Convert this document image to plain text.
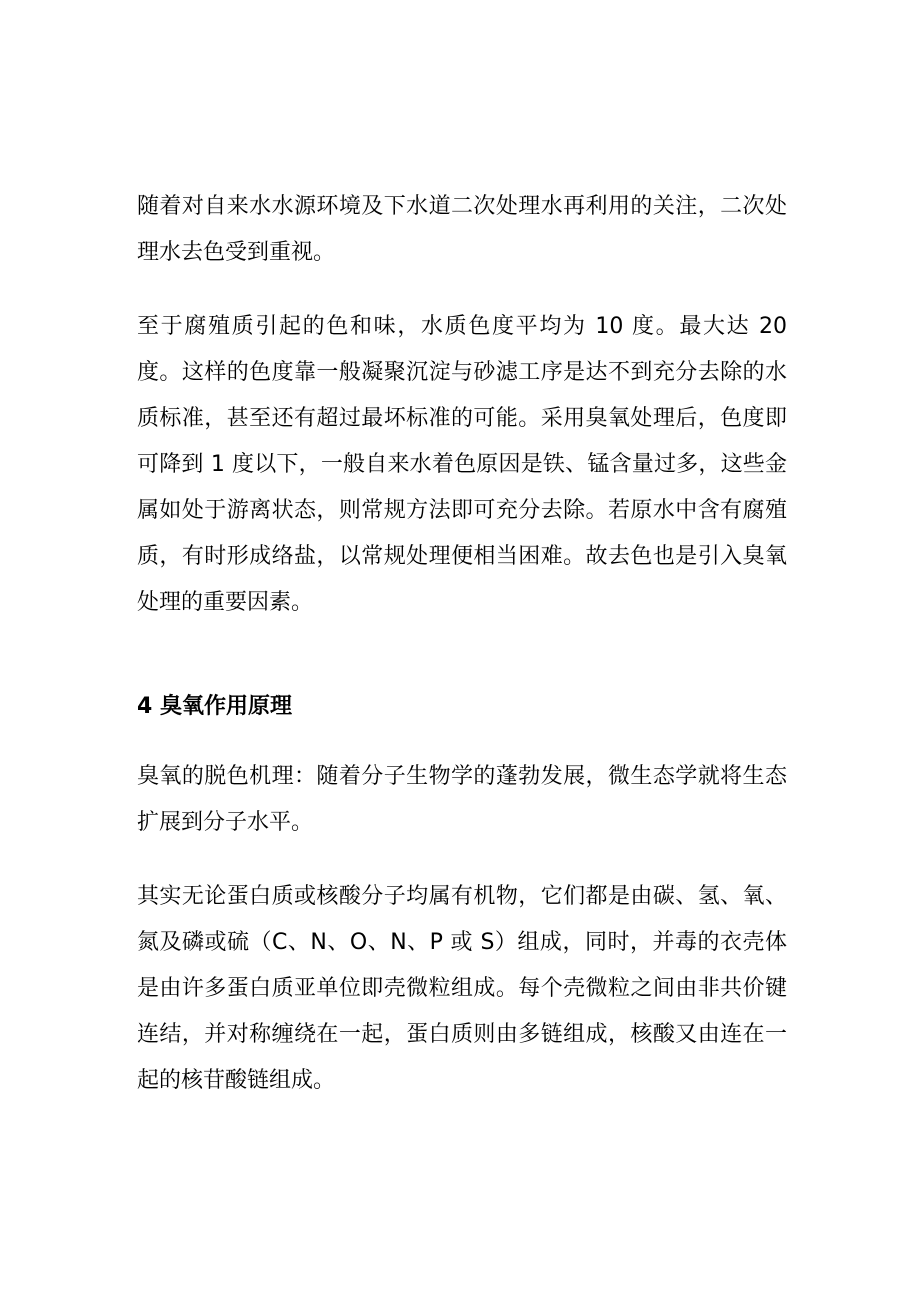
随着对自来水水源环境及下水道二次处理水再利用的关注，二次处理水去色受到重视。

至于腐殖质引起的色和味，水质色度平均为 10 度。最大达 20 度。这样的色度靠一般凝聚沉淀与砂滤工序是达不到充分去除的水质标准，甚至还有超过最坏标准的可能。采用臭氧处理后，色度即可降到 1 度以下，一般自来水着色原因是铁、锰含量过多，这些金属如处于游离状态，则常规方法即可充分去除。若原水中含有腐殖质，有时形成络盐，以常规处理便相当困难。故去色也是引入臭氧处理的重要因素。

4 臭氧作用原理

臭氧的脱色机理：随着分子生物学的蓬勃发展，微生态学就将生态扩展到分子水平。

其实无论蛋白质或核酸分子均属有机物，它们都是由碳、氢、氧、氮及磷或硫（C、N、O、N、P 或 S）组成，同时，并毒的衣壳体是由许多蛋白质亚单位即壳微粒组成。每个壳微粒之间由非共价键连结，并对称缠绕在一起，蛋白质则由多链组成，核酸又由连在一起的核苷酸链组成。
